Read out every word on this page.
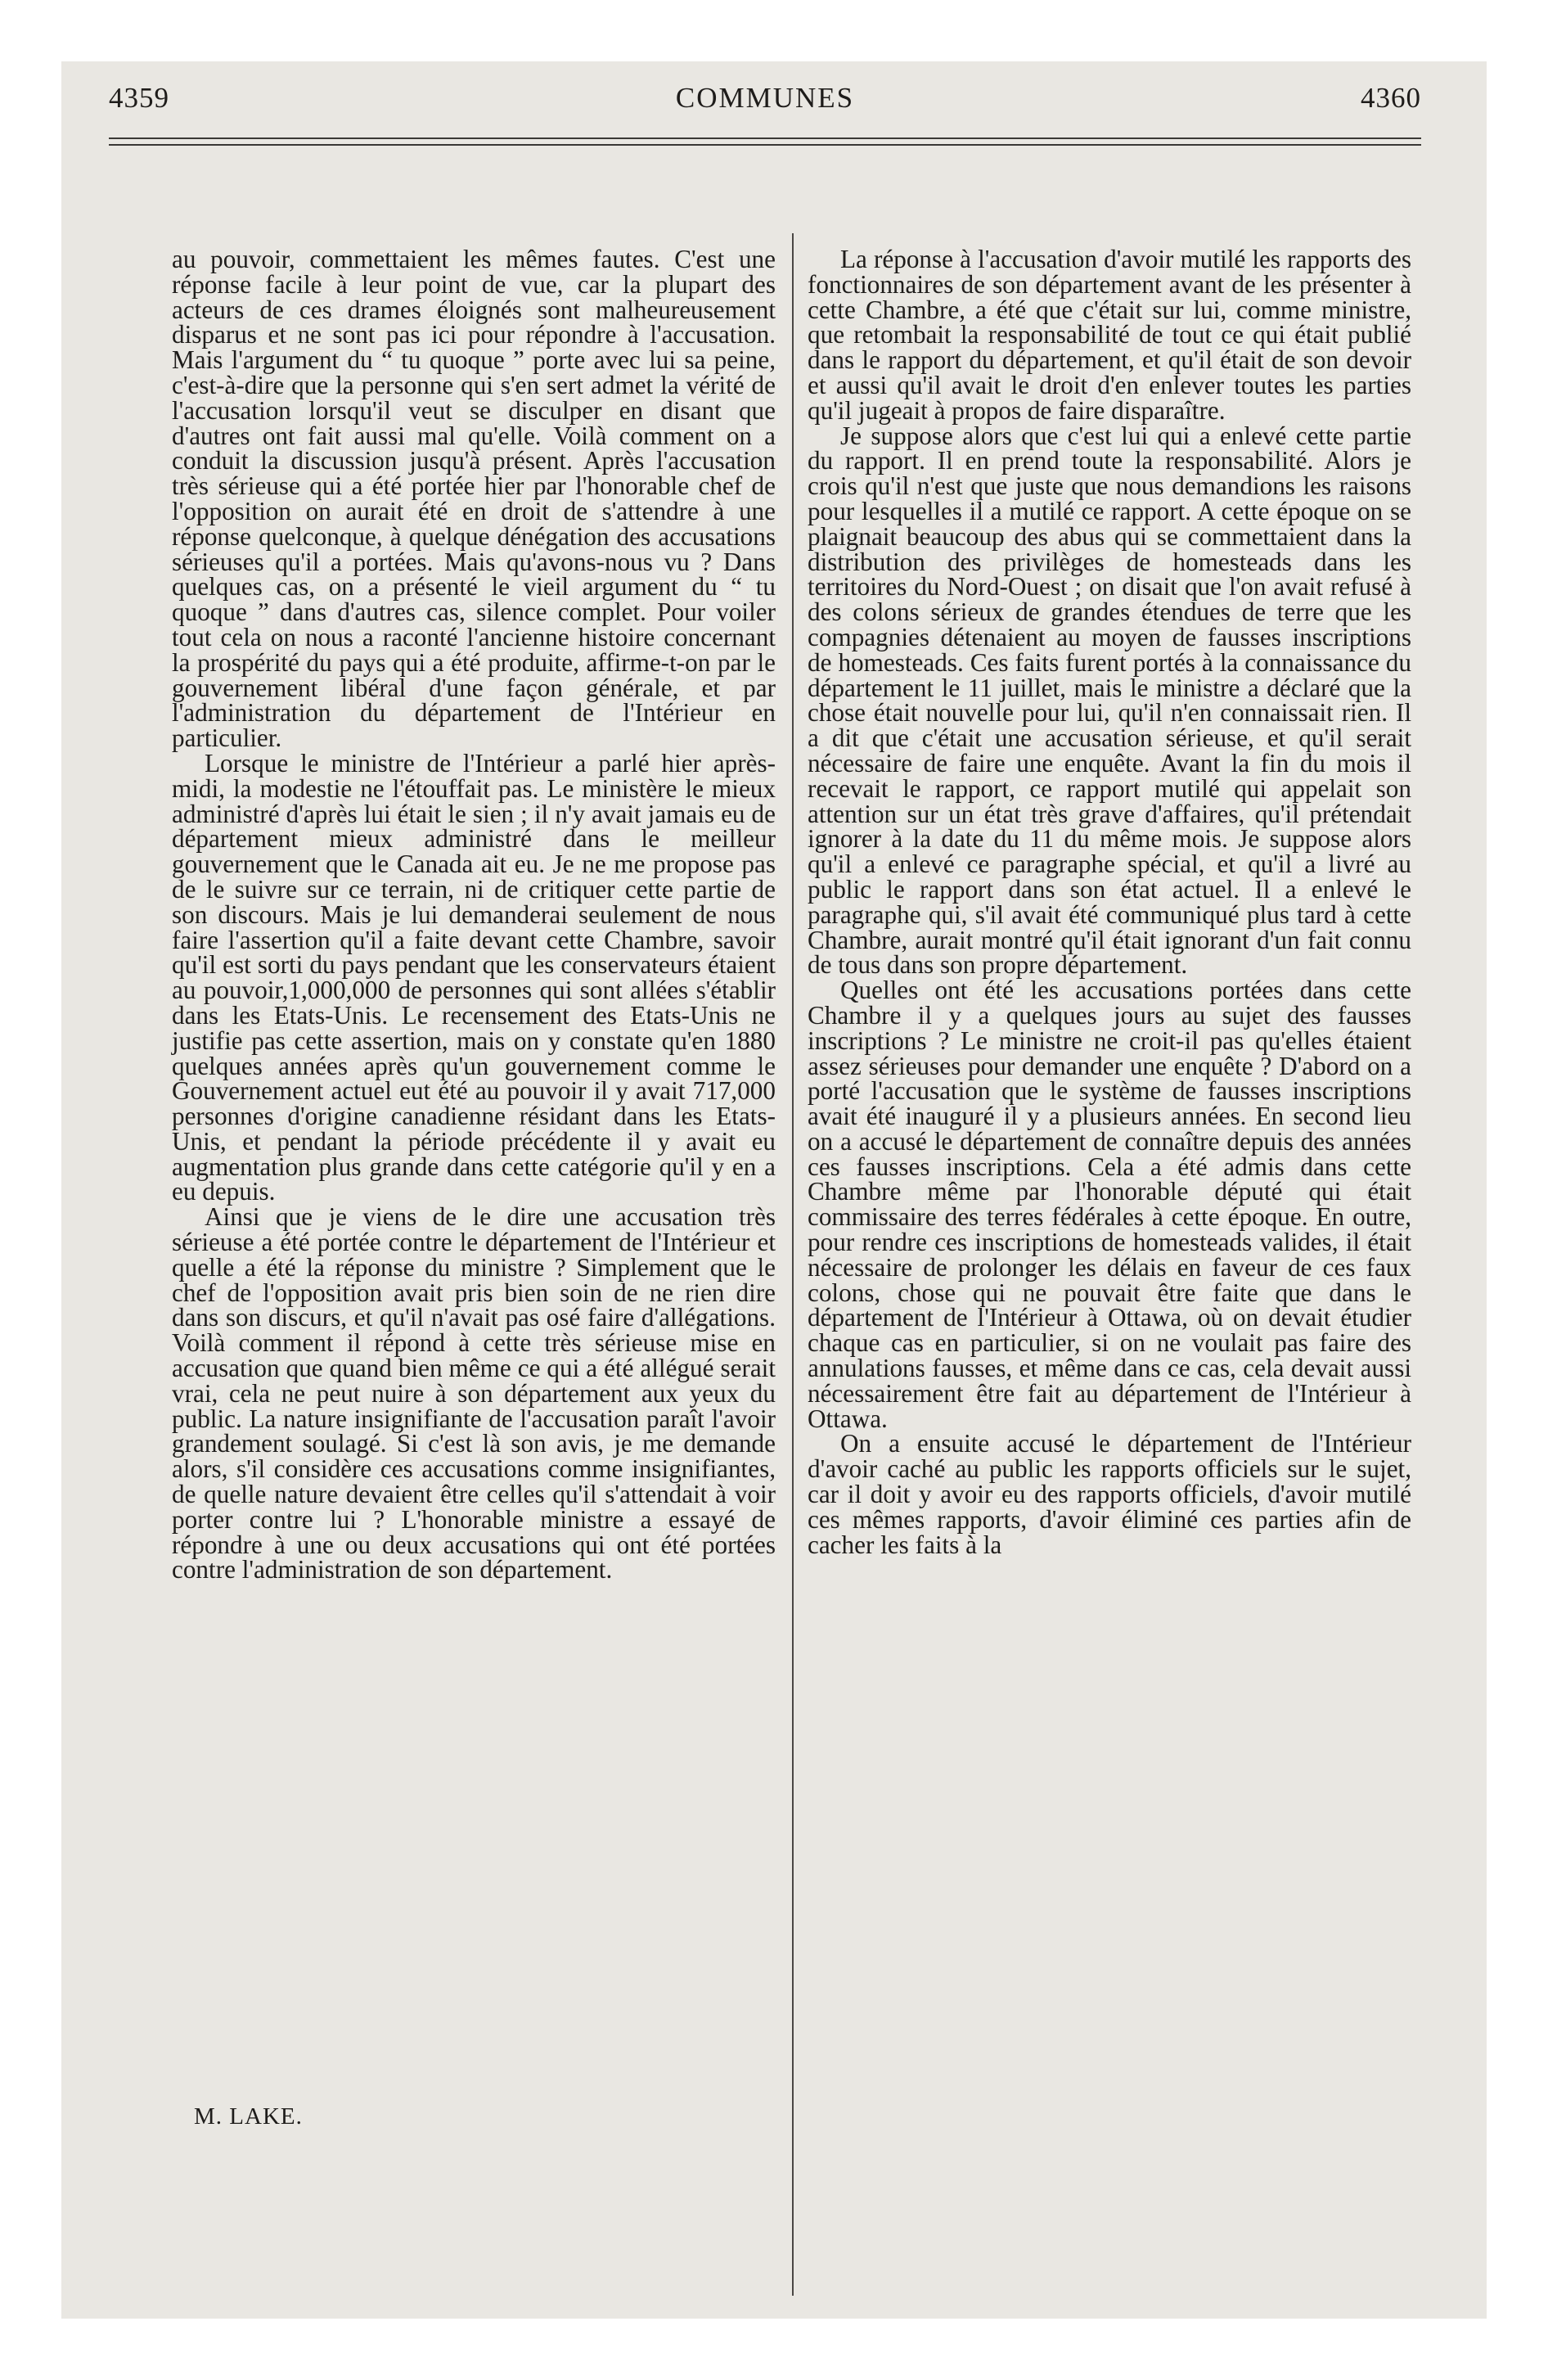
4359	COMMUNES	4360

au pouvoir, commettaient les mêmes fautes. C'est une réponse facile à leur point de vue, car la plupart des acteurs de ces drames éloignés sont malheureusement disparus et ne sont pas ici pour répondre à l'accusation. Mais l'argument du “ tu quoque ” porte avec lui sa peine, c'est-à-dire que la personne qui s'en sert admet la vérité de l'accusation lorsqu'il veut se disculper en disant que d'autres ont fait aussi mal qu'elle. Voilà comment on a conduit la discussion jusqu'à présent. Après l'accusation très sérieuse qui a été portée hier par l'honorable chef de l'opposition on aurait été en droit de s'attendre à une réponse quelconque, à quelque dénégation des accusations sérieuses qu'il a portées. Mais qu'avons-nous vu ? Dans quelques cas, on a présenté le vieil argument du “ tu quoque ” dans d'autres cas, silence complet. Pour voiler tout cela on nous a raconté l'ancienne histoire concernant la prospérité du pays qui a été produite, affirme-t-on par le gouvernement libéral d'une façon générale, et par l'administration du département de l'Intérieur en particulier.

Lorsque le ministre de l'Intérieur a parlé hier après-midi, la modestie ne l'étouffait pas. Le ministère le mieux administré d'après lui était le sien ; il n'y avait jamais eu de département mieux administré dans le meilleur gouvernement que le Canada ait eu. Je ne me propose pas de le suivre sur ce terrain, ni de critiquer cette partie de son discours. Mais je lui demanderai seulement de nous faire l'assertion qu'il a faite devant cette Chambre, savoir qu'il est sorti du pays pendant que les conservateurs étaient au pouvoir,1,000,000 de personnes qui sont allées s'établir dans les Etats-Unis. Le recensement des Etats-Unis ne justifie pas cette assertion, mais on y constate qu'en 1880 quelques années après qu'un gouvernement comme le Gouvernement actuel eut été au pouvoir il y avait 717,000 personnes d'origine canadienne résidant dans les Etats-Unis, et pendant la période précédente il y avait eu augmentation plus grande dans cette catégorie qu'il y en a eu depuis.

Ainsi que je viens de le dire une accusation très sérieuse a été portée contre le département de l'Intérieur et quelle a été la réponse du ministre ? Simplement que le chef de l'opposition avait pris bien soin de ne rien dire dans son discurs, et qu'il n'avait pas osé faire d'allégations. Voilà comment il répond à cette très sérieuse mise en accusation que quand bien même ce qui a été allégué serait vrai, cela ne peut nuire à son département aux yeux du public. La nature insignifiante de l'accusation paraît l'avoir grandement soulagé. Si c'est là son avis, je me demande alors, s'il considère ces accusations comme insignifiantes, de quelle nature devaient être celles qu'il s'attendait à voir porter contre lui ? L'honorable ministre a essayé de répondre à une ou deux accusations qui ont été portées contre l'administration de son département.

M. LAKE.

La réponse à l'accusation d'avoir mutilé les rapports des fonctionnaires de son département avant de les présenter à cette Chambre, a été que c'était sur lui, comme ministre, que retombait la responsabilité de tout ce qui était publié dans le rapport du département, et qu'il était de son devoir et aussi qu'il avait le droit d'en enlever toutes les parties qu'il jugeait à propos de faire disparaître.

Je suppose alors que c'est lui qui a enlevé cette partie du rapport. Il en prend toute la responsabilité. Alors je crois qu'il n'est que juste que nous demandions les raisons pour lesquelles il a mutilé ce rapport. A cette époque on se plaignait beaucoup des abus qui se commettaient dans la distribution des privilèges de homesteads dans les territoires du Nord-Ouest ; on disait que l'on avait refusé à des colons sérieux de grandes étendues de terre que les compagnies détenaient au moyen de fausses inscriptions de homesteads. Ces faits furent portés à la connaissance du département le 11 juillet, mais le ministre a déclaré que la chose était nouvelle pour lui, qu'il n'en connaissait rien. Il a dit que c'était une accusation sérieuse, et qu'il serait nécessaire de faire une enquête. Avant la fin du mois il recevait le rapport, ce rapport mutilé qui appelait son attention sur un état très grave d'affaires, qu'il prétendait ignorer à la date du 11 du même mois. Je suppose alors qu'il a enlevé ce paragraphe spécial, et qu'il a livré au public le rapport dans son état actuel. Il a enlevé le paragraphe qui, s'il avait été communiqué plus tard à cette Chambre, aurait montré qu'il était ignorant d'un fait connu de tous dans son propre département.

Quelles ont été les accusations portées dans cette Chambre il y a quelques jours au sujet des fausses inscriptions ? Le ministre ne croit-il pas qu'elles étaient assez sérieuses pour demander une enquête ? D'abord on a porté l'accusation que le système de fausses inscriptions avait été inauguré il y a plusieurs années. En second lieu on a accusé le département de connaître depuis des années ces fausses inscriptions. Cela a été admis dans cette Chambre même par l'honorable député qui était commissaire des terres fédérales à cette époque. En outre, pour rendre ces inscriptions de homesteads valides, il était nécessaire de prolonger les délais en faveur de ces faux colons, chose qui ne pouvait être faite que dans le département de l'Intérieur à Ottawa, où on devait étudier chaque cas en particulier, si on ne voulait pas faire des annulations fausses, et même dans ce cas, cela devait aussi nécessairement être fait au département de l'Intérieur à Ottawa.

On a ensuite accusé le département de l'Intérieur d'avoir caché au public les rapports officiels sur le sujet, car il doit y avoir eu des rapports officiels, d'avoir mutilé ces mêmes rapports, d'avoir éliminé ces parties afin de cacher les faits à la
